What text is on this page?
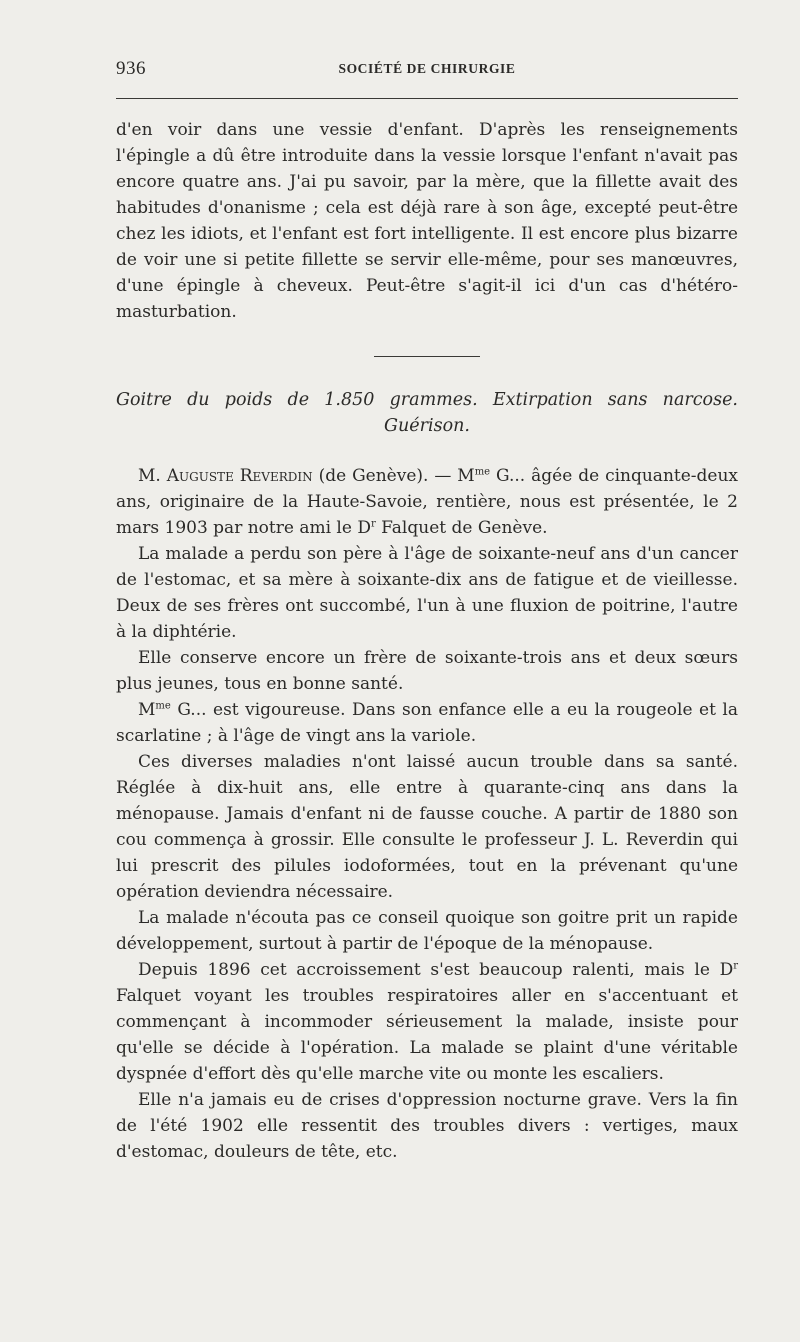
936	SOCIÉTÉ DE CHIRURGIE

d'en voir dans une vessie d'enfant. D'après les renseignements l'épingle a dû être introduite dans la vessie lorsque l'enfant n'avait pas encore quatre ans. J'ai pu savoir, par la mère, que la fillette avait des habitudes d'onanisme ; cela est déjà rare à son âge, excepté peut-être chez les idiots, et l'enfant est fort intelligente. Il est encore plus bizarre de voir une si petite fillette se servir elle-même, pour ses manœuvres, d'une épingle à cheveux. Peut-être s'agit-il ici d'un cas d'hétéro-masturbation.

Goitre du poids de 1.850 grammes. Extirpation sans narcose.
Guérison.

M. Auguste Reverdin (de Genève). — $M^{me}$ G... âgée de cinquante-deux ans, originaire de la Haute-Savoie, rentière, nous est présentée, le 2 mars 1903 par notre ami le $D^r$ Falquet de Genève.

La malade a perdu son père à l'âge de soixante-neuf ans d'un cancer de l'estomac, et sa mère à soixante-dix ans de fatigue et de vieillesse. Deux de ses frères ont succombé, l'un à une fluxion de poitrine, l'autre à la diphtérie.

Elle conserve encore un frère de soixante-trois ans et deux sœurs plus jeunes, tous en bonne santé.

$M^{me}$ G... est vigoureuse. Dans son enfance elle a eu la rougeole et la scarlatine ; à l'âge de vingt ans la variole.

Ces diverses maladies n'ont laissé aucun trouble dans sa santé. Réglée à dix-huit ans, elle entre à quarante-cinq ans dans la ménopause. Jamais d'enfant ni de fausse couche. A partir de 1880 son cou commença à grossir. Elle consulte le professeur J. L. Reverdin qui lui prescrit des pilules iodoformées, tout en la prévenant qu'une opération deviendra nécessaire.

La malade n'écouta pas ce conseil quoique son goitre prit un rapide développement, surtout à partir de l'époque de la ménopause.

Depuis 1896 cet accroissement s'est beaucoup ralenti, mais le $D^r$ Falquet voyant les troubles respiratoires aller en s'accentuant et commençant à incommoder sérieusement la malade, insiste pour qu'elle se décide à l'opération. La malade se plaint d'une véritable dyspnée d'effort dès qu'elle marche vite ou monte les escaliers.

Elle n'a jamais eu de crises d'oppression nocturne grave. Vers la fin de l'été 1902 elle ressentit des troubles divers : vertiges, maux d'estomac, douleurs de tête, etc.
